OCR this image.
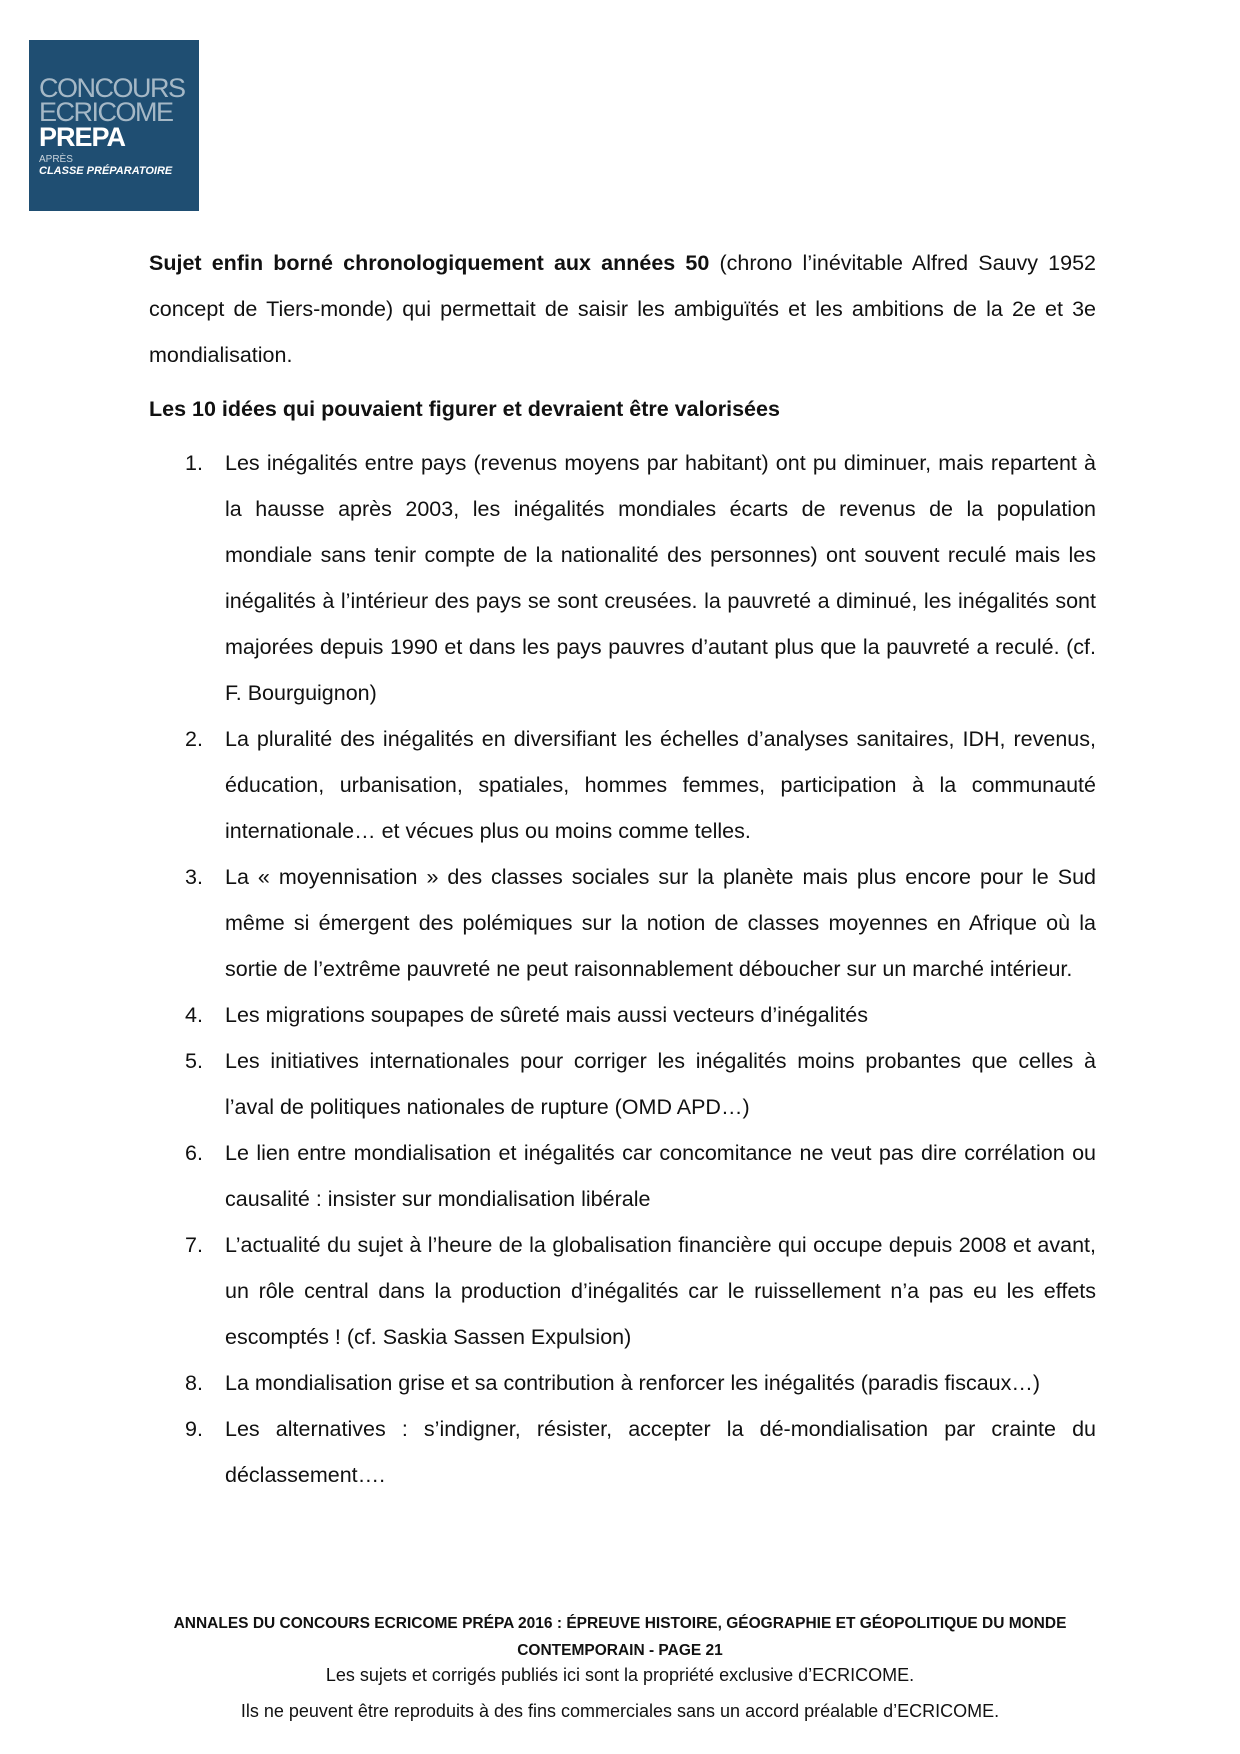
CONCOURS
ECRICOME
PREPA
APRÈS
CLASSE PRÉPARATOIRE

Sujet enfin borné chronologiquement aux années 50 (chrono l’inévitable Alfred Sauvy 1952 concept de Tiers-monde) qui permettait de saisir les ambiguïtés et les ambitions de la 2e et 3e mondialisation.

Les 10 idées qui pouvaient figurer et devraient être valorisées

1. Les inégalités entre pays (revenus moyens par habitant) ont pu diminuer, mais repartent à la hausse après 2003, les inégalités mondiales écarts de revenus de la population mondiale sans tenir compte de la nationalité des personnes) ont souvent reculé mais les inégalités à l’intérieur des pays se sont creusées. la pauvreté a diminué, les inégalités sont majorées depuis 1990 et dans les pays pauvres d’autant plus que la pauvreté a reculé. (cf. F. Bourguignon)
2. La pluralité des inégalités en diversifiant les échelles d’analyses sanitaires, IDH, revenus, éducation, urbanisation, spatiales, hommes femmes, participation à la communauté internationale… et vécues plus ou moins comme telles.
3. La « moyennisation » des classes sociales sur la planète mais plus encore pour le Sud même si émergent des polémiques sur la notion de classes moyennes en Afrique où la sortie de l’extrême pauvreté ne peut raisonnablement déboucher sur un marché intérieur.
4. Les migrations soupapes de sûreté mais aussi vecteurs d’inégalités
5. Les initiatives internationales pour corriger les inégalités moins probantes que celles à l’aval de politiques nationales de rupture (OMD APD…)
6. Le lien entre mondialisation et inégalités car concomitance ne veut pas dire corrélation ou causalité : insister sur mondialisation libérale
7. L’actualité du sujet à l’heure de la globalisation financière qui occupe depuis 2008 et avant, un rôle central dans la production d’inégalités car le ruissellement n’a pas eu les effets escomptés ! (cf. Saskia Sassen Expulsion)
8. La mondialisation grise et sa contribution à renforcer les inégalités (paradis fiscaux…)
9. Les alternatives : s’indigner, résister, accepter la dé-mondialisation par crainte du déclassement….
ANNALES DU CONCOURS ECRICOME PRÉPA 2016 : ÉPREUVE HISTOIRE, GÉOGRAPHIE ET GÉOPOLITIQUE DU MONDE
CONTEMPORAIN - PAGE 21
Les sujets et corrigés publiés ici sont la propriété exclusive d’ECRICOME.
Ils ne peuvent être reproduits à des fins commerciales sans un accord préalable d’ECRICOME.
